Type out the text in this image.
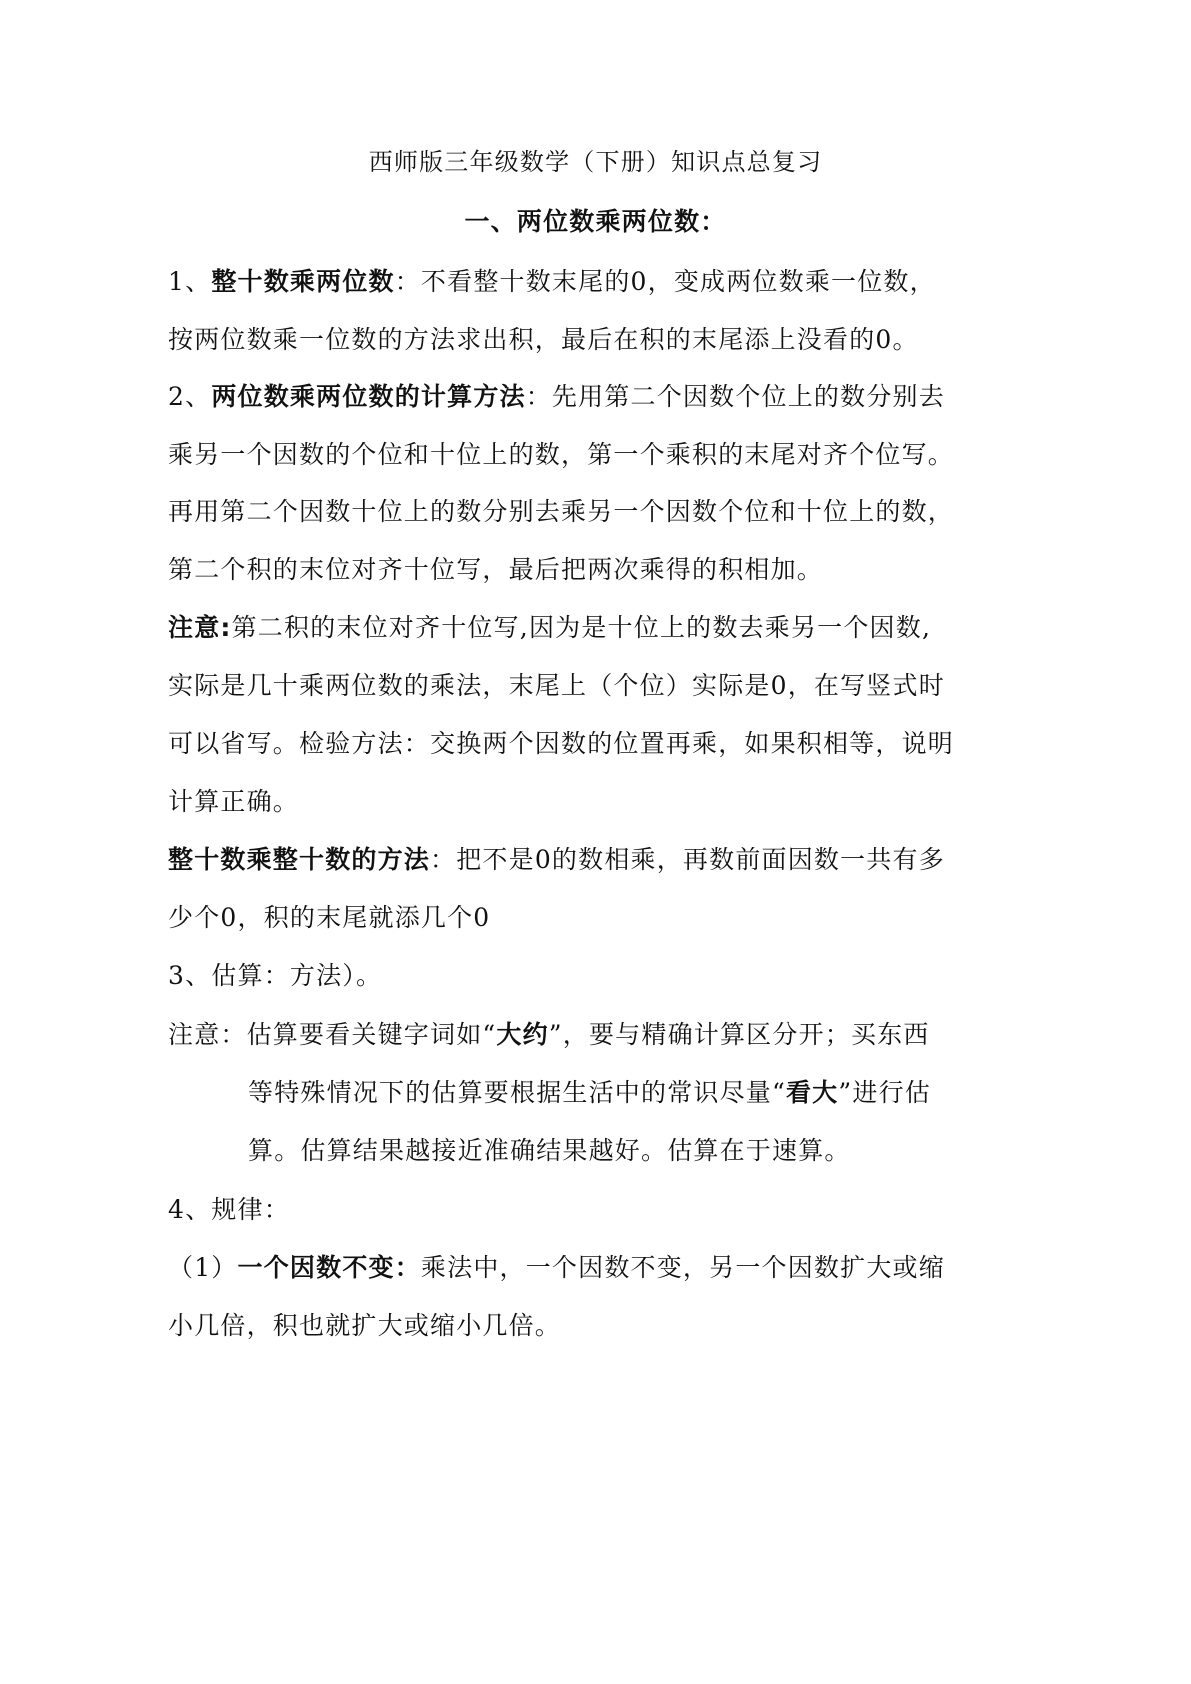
西师版三年级数学（下册）知识点总复习
一、两位数乘两位数：
1、整十数乘两位数：不看整十数末尾的0，变成两位数乘一位数，
按两位数乘一位数的方法求出积，最后在积的末尾添上没看的0。
2、两位数乘两位数的计算方法：先用第二个因数个位上的数分别去
乘另一个因数的个位和十位上的数，第一个乘积的末尾对齐个位写。
再用第二个因数十位上的数分别去乘另一个因数个位和十位上的数，
第二个积的末位对齐十位写，最后把两次乘得的积相加。
注意:第二积的末位对齐十位写,因为是十位上的数去乘另一个因数,
实际是几十乘两位数的乘法，末尾上（个位）实际是0，在写竖式时
可以省写。检验方法：交换两个因数的位置再乘，如果积相等，说明
计算正确。
整十数乘整十数的方法：把不是0的数相乘，再数前面因数一共有多
少个0，积的末尾就添几个0
3、估算：方法）。
注意：估算要看关键字词如“大约”，要与精确计算区分开；买东西
等特殊情况下的估算要根据生活中的常识尽量“看大”进行估
算。估算结果越接近准确结果越好。估算在于速算。
4、规律：
（1）一个因数不变：乘法中，一个因数不变，另一个因数扩大或缩
小几倍，积也就扩大或缩小几倍。
